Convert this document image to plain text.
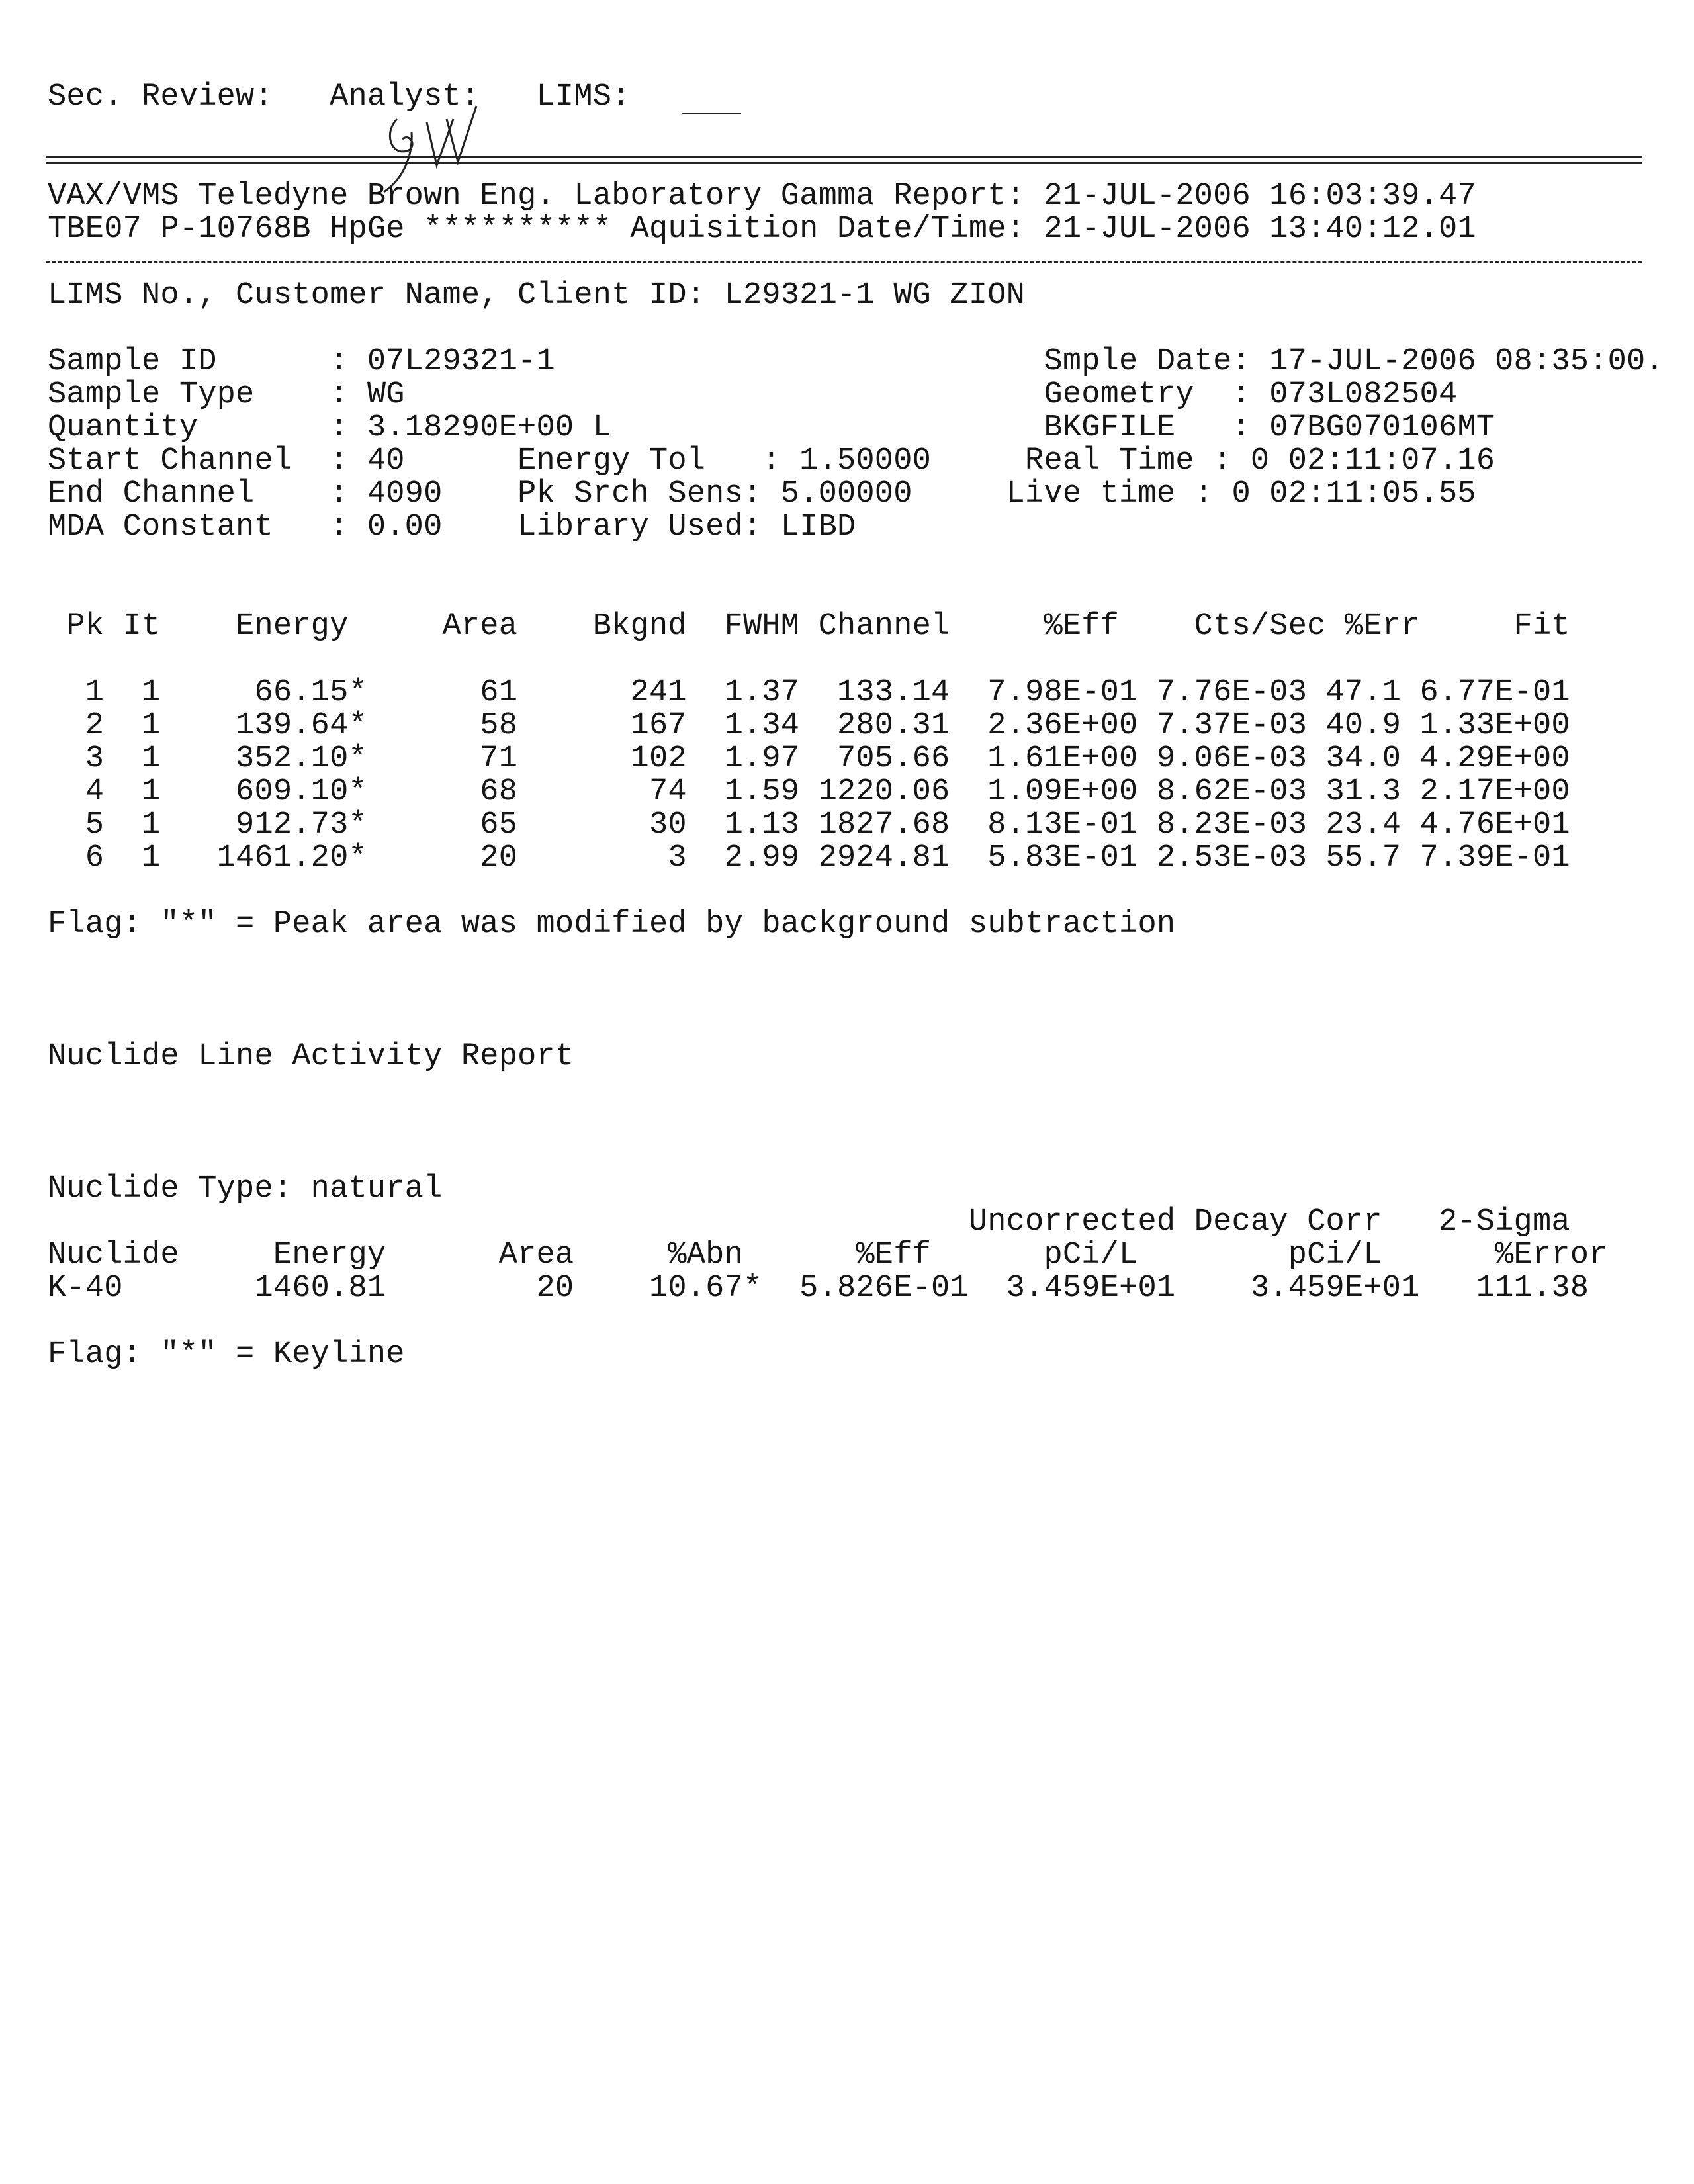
Sec. Review:   Analyst:   LIMS:

VAX/VMS Teledyne Brown Eng. Laboratory Gamma Report: 21-JUL-2006 16:03:39.47

TBE07 P-10768B HpGe ********** Aquisition Date/Time: 21-JUL-2006 13:40:12.01

LIMS No., Customer Name, Client ID: L29321-1 WG ZION

Sample ID      : 07L29321-1                          Smple Date: 17-JUL-2006 08:35:00.

Sample Type    : WG                                  Geometry  : 073L082504

Quantity       : 3.18290E+00 L                       BKGFILE   : 07BG070106MT

Start Channel  : 40      Energy Tol   : 1.50000     Real Time : 0 02:11:07.16

End Channel    : 4090    Pk Srch Sens: 5.00000     Live time : 0 02:11:05.55

MDA Constant   : 0.00    Library Used: LIBD

Pk It    Energy     Area    Bkgnd  FWHM Channel     %Eff    Cts/Sec %Err     Fit

1  1     66.15*      61      241  1.37  133.14  7.98E-01 7.76E-03 47.1 6.77E-01

2  1    139.64*      58      167  1.34  280.31  2.36E+00 7.37E-03 40.9 1.33E+00

3  1    352.10*      71      102  1.97  705.66  1.61E+00 9.06E-03 34.0 4.29E+00

4  1    609.10*      68       74  1.59 1220.06  1.09E+00 8.62E-03 31.3 2.17E+00

5  1    912.73*      65       30  1.13 1827.68  8.13E-01 8.23E-03 23.4 4.76E+01

6  1   1461.20*      20        3  2.99 2924.81  5.83E-01 2.53E-03 55.7 7.39E-01

Flag: "*" = Peak area was modified by background subtraction

Nuclide Line Activity Report

Nuclide Type: natural

Uncorrected Decay Corr   2-Sigma

Nuclide     Energy      Area     %Abn      %Eff      pCi/L        pCi/L      %Error

K-40       1460.81        20    10.67*  5.826E-01  3.459E+01    3.459E+01   111.38

Flag: "*" = Keyline
